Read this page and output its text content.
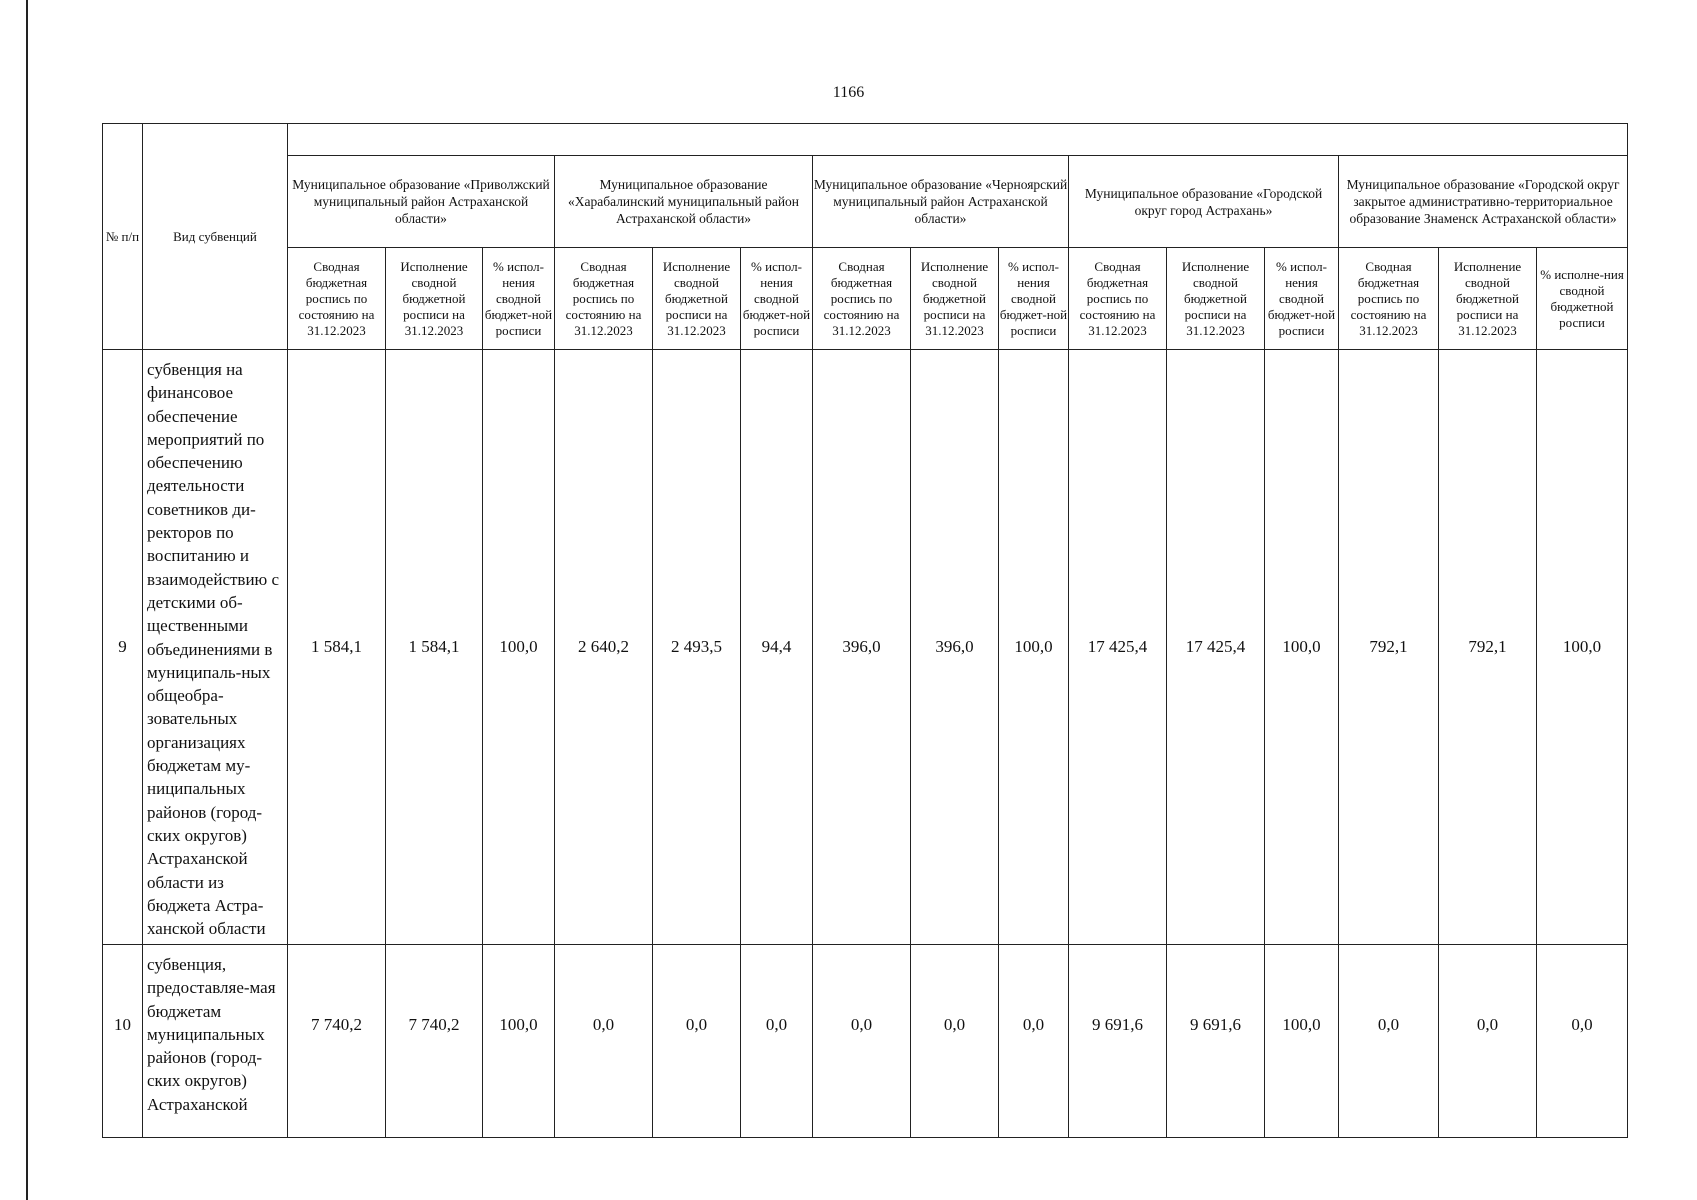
1166
№ п/п	Вид субвенций															
		Муниципальное образование «Приволжский муниципальный район Астраханской области»			Муниципальное образование «Харабалинский муниципальный район Астраханской области»			Муниципальное образование «Черноярский муниципальный район Астраханской области»			Муниципальное образование «Городской округ город Астрахань»			Муниципальное образование «Городской округ закрытое административно-территориальное образование Знаменск Астраханской области»		
		Сводная бюджетная роспись по состоянию на 31.12.2023	Исполнение сводной бюджетной росписи на 31.12.2023	% испол-нения сводной бюджет-ной росписи	Сводная бюджетная роспись по состоянию на 31.12.2023	Исполнение сводной бюджетной росписи на 31.12.2023	% испол-нения сводной бюджет-ной росписи	Сводная бюджетная роспись по состоянию на 31.12.2023	Исполнение сводной бюджетной росписи на 31.12.2023	% испол-нения сводной бюджет-ной росписи	Сводная бюджетная роспись по состоянию на 31.12.2023	Исполнение сводной бюджетной росписи на 31.12.2023	% испол-нения сводной бюджет-ной росписи	Сводная бюджетная роспись по состоянию на 31.12.2023	Исполнение сводной бюджетной росписи на 31.12.2023	% исполне-ния сводной бюджетной росписи
9	субвенция на финансовое обеспечение мероприятий по обеспечению деятельности советников ди-ректоров по воспитанию и взаимодействию с детскими об-щественными объединениями в муниципаль-ных общеобра-зовательных организациях бюджетам му-ниципальных районов (город-ских округов) Астраханской области из бюджета Астра-ханской области	1 584,1	1 584,1	100,0	2 640,2	2 493,5	94,4	396,0	396,0	100,0	17 425,4	17 425,4	100,0	792,1	792,1	100,0
10	субвенция, предоставляе-мая бюджетам муниципальных районов (город-ских округов) Астраханской	7 740,2	7 740,2	100,0	0,0	0,0	0,0	0,0	0,0	0,0	9 691,6	9 691,6	100,0	0,0	0,0	0,0
